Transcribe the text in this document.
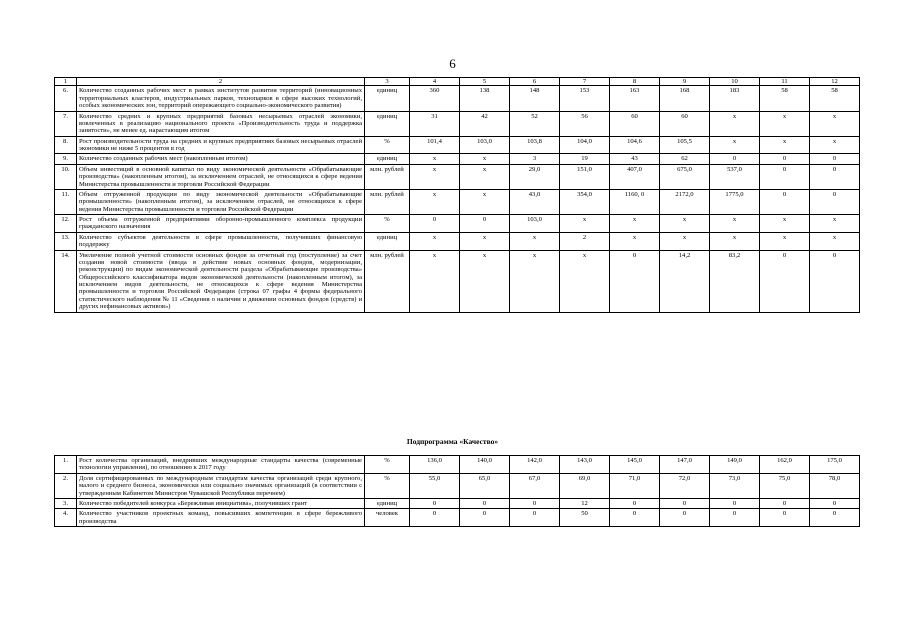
6
1	2	3	4	5	6	7	8	9	10	11	12
6.	Количество созданных рабочих мест в рамках институтов развития территорий (инновационных территориальных кластеров, индустриальных парков, технопарков в сфере высоких технологий, особых экономических зон, территорий опережающего социально-экономического развития)	единиц	360	138	148	153	163	168	183	58	58
7.	Количество средних и крупных предприятий базовых несырьевых отраслей экономики, вовлеченных в реализацию национального проекта «Производительность труда и поддержка занятости», не менее ед. нарастающим итогом	единиц	31	42	52	56	60	60	x	x	x
8.	Рост производительности труда на средних и крупных предприятиях базовых несырьевых отраслей экономики не ниже 5 процентов в год	%	101,4	103,0	103,8	104,0	104,6	105,5	x	x	x
9.	Количество созданных рабочих мест (накопленным итогом)	единиц	x	x	3	19	43	62	0	0	0
10.	Объем инвестиций в основной капитал по виду экономической деятельности «Обрабатывающие производства» (накопленным итогом), за исключением отраслей, не относящихся к сфере ведения Министерства промышленности и торговли Российской Федерации	млн. рублей	x	x	29,0	151,0	407,0	675,0	537,0	0	0
11.	Объем отгруженной продукции по виду экономической деятельности «Обрабатывающие промышленности» (накопленным итогом), за исключением отраслей, не относящихся к сфере ведения Министерства промышленности и торговли Российской Федерации	млн. рублей	x	x	43,0	354,0	1160, 0	2172,0	1775,0	0	0
12.	Рост объема отгруженной предприятиями оборонно-промышленного комплекса продукции гражданского назначения	%	0	0	103,0	x	x	x	x	x	x
13.	Количество субъектов деятельности в сфере промышленности, получивших финансовую поддержку	единиц	x	x	x	2	x	x	x	x	x
14.	Увеличение полной учетной стоимости основных фондов за отчетный год (поступление) за счет создания новой стоимости (ввода в действие новых основных фондов, модернизации, реконструкции) по видам экономической деятельности раздела «Обрабатывающие производства» Общероссийского классификатора видов экономической деятельности (накопленным итогом), за исключением видов деятельности, не относящихся к сфере ведения Министерства промышленности и торговли Российской Федерации (строка 07 графы 4 формы федерального статистического наблюдения № 11 «Сведения о наличии и движении основных фондов (средств) и других нефинансовых активов»)	млн. рублей	x	x	x	x	0	14,2	83,2	0	0
Подпрограмма «Качество»
1.	Рост количества организаций, внедривших международные стандарты качества (современные технологии управления), по отношению к 2017 году	%	136,0	140,0	142,0	143,0	145,0	147,0	149,0	162,0	175,0
2.	Доля сертифицированных по международным стандартам качества организаций среди крупного, малого и среднего бизнеса, экономически или социально значимых организаций (в соответствии с утвержденным Кабинетом Министров Чувашской Республики перечнем)	%	55,0	65,0	67,0	69,0	71,0	72,0	73,0	75,0	78,0
3.	Количество победителей конкурса «Бережливая инициатива», получивших грант	единиц	0	0	0	12	0	0	0	0	0
4.	Количество участников проектных команд, повысивших компетенции в сфере бережливого производства	человек	0	0	0	50	0	0	0	0	0
